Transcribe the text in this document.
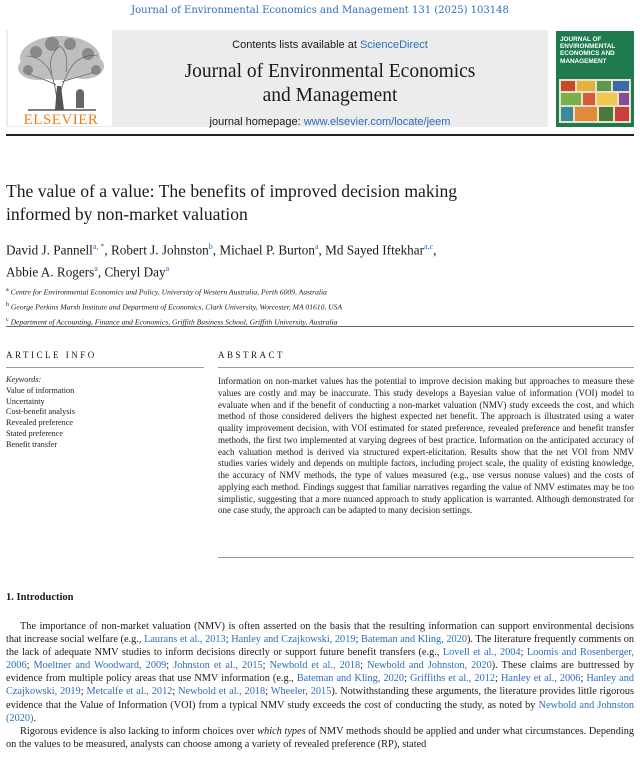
Journal of Environmental Economics and Management 131 (2025) 103148
ELSEVIER
Contents lists available at ScienceDirect
Journal of Environmental Economics
and Management
journal homepage: www.elsevier.com/locate/jeem
JOURNAL OF ENVIRONMENTAL ECONOMICS AND MANAGEMENT
The value of a value: The benefits of improved decision making
informed by non-market valuation
David J. Pannell$^{a, *}$, Robert J. Johnston$^b$, Michael P. Burton$^a$, Md Sayed Iftekhar$^{a,c}$,
Abbie A. Rogers$^a$, Cheryl Day$^a$
$^a$ Centre for Environmental Economics and Policy, University of Western Australia, Perth 6009, Australia
$^b$ George Perkins Marsh Institute and Department of Economics, Clark University, Worcester, MA 01610, USA
$^c$ Department of Accounting, Finance and Economics, Griffith Business School, Griffith University, Australia
ARTICLE INFO	ABSTRACT
Keywords:
Value of information
Uncertainty
Cost-benefit analysis
Revealed preference
Stated preference
Benefit transfer
Information on non-market values has the potential to improve decision making but approaches to measure these values are costly and may be inaccurate. This study develops a Bayesian value of information (VOI) model to evaluate when and if the benefit of conducting a non-market valuation (NMV) study exceeds the cost, and which method of those considered delivers the highest expected net benefit. The approach is illustrated using a water quality improvement decision, with VOI estimated for stated preference, revealed preference and benefit transfer methods, the first two implemented at varying degrees of best practice. Information on the anticipated accuracy of each valuation method is derived via structured expert-elicitation. Results show that the net VOI from NMV studies varies widely and depends on multiple factors, including project scale, the quality of existing knowledge, the accuracy of NMV methods, the type of values measured (e.g., use versus nonuse values) and the costs of applying each method. Findings suggest that familiar narratives regarding the value of NMV estimates may be too simplistic, suggesting that a more nuanced approach to study application is warranted. Although demonstrated for one case study, the approach can be adapted to many decision settings.
1. Introduction

The importance of non-market valuation (NMV) is often asserted on the basis that the resulting information can support environmental decisions that increase social welfare (e.g., Laurans et al., 2013; Hanley and Czajkowski, 2019; Bateman and Kling, 2020). The literature frequently comments on the lack of adequate NMV studies to inform decisions directly or support future benefit transfers (e.g., Lovell et al., 2004; Loomis and Rosenberger, 2006; Moeltner and Woodward, 2009; Johnston et al., 2015; Newbold et al., 2018; Newbold and Johnston, 2020). These claims are buttressed by evidence from multiple policy areas that use NMV information (e.g., Bateman and Kling, 2020; Griffiths et al., 2012; Hanley et al., 2006; Hanley and Czajkowski, 2019; Metcalfe et al., 2012; Newbold et al., 2018; Wheeler, 2015). Notwithstanding these arguments, the literature provides little rigorous evidence that the Value of Information (VOI) from a typical NMV study exceeds the cost of conducting the study, as noted by Newbold and Johnston (2020).

Rigorous evidence is also lacking to inform choices over which types of NMV methods should be applied and under what circumstances. Depending on the values to be measured, analysts can choose among a variety of revealed preference (RP), stated
